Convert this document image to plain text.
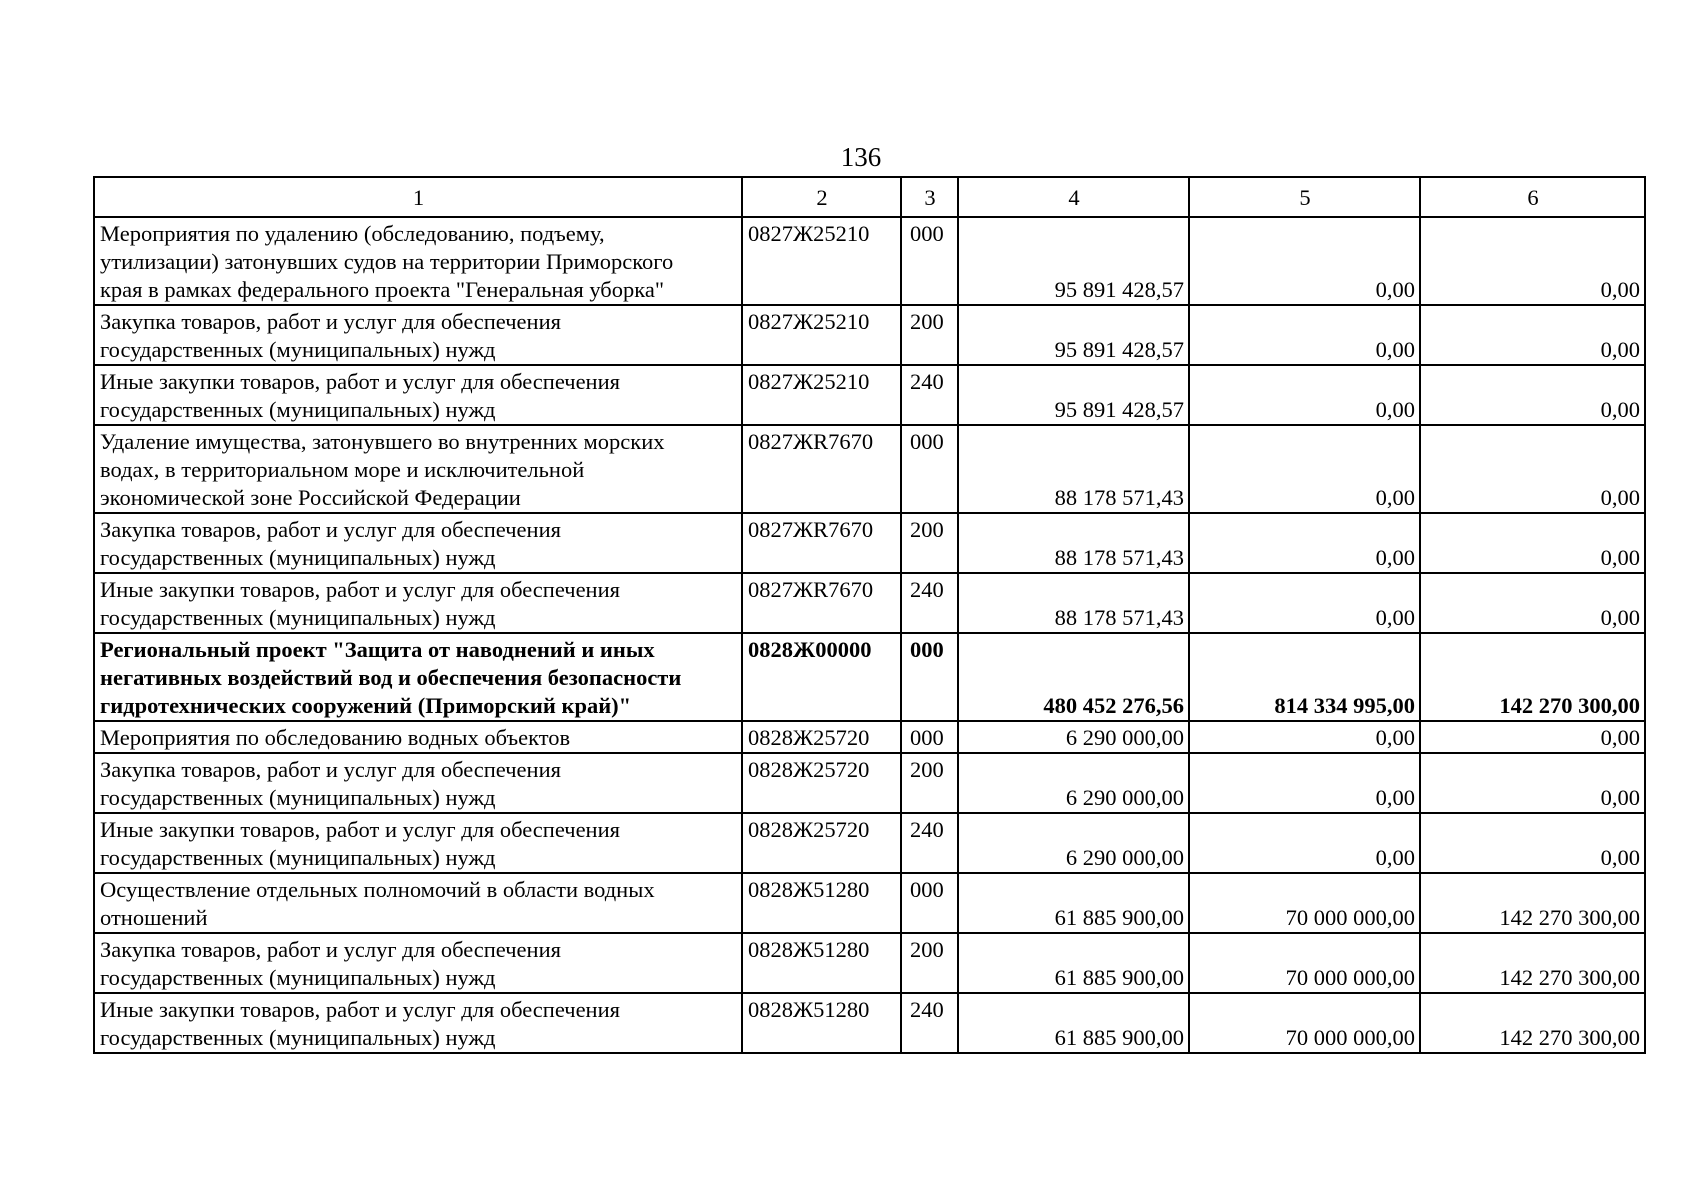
136
1	2	3	4	5	6

Мероприятия по удалению (обследованию, подъему,
утилизации) затонувших судов на территории Приморского
края в рамках федерального проекта "Генеральная уборка"	0827Ж25210	000	95 891 428,57	0,00	0,00

Закупка товаров, работ и услуг для обеспечения
государственных (муниципальных) нужд	0827Ж25210	200	95 891 428,57	0,00	0,00

Иные закупки товаров, работ и услуг для обеспечения
государственных (муниципальных) нужд	0827Ж25210	240	95 891 428,57	0,00	0,00

Удаление имущества, затонувшего во внутренних морских
водах, в территориальном море и исключительной
экономической зоне Российской Федерации	0827ЖR7670	000	88 178 571,43	0,00	0,00

Закупка товаров, работ и услуг для обеспечения
государственных (муниципальных) нужд	0827ЖR7670	200	88 178 571,43	0,00	0,00

Иные закупки товаров, работ и услуг для обеспечения
государственных (муниципальных) нужд	0827ЖR7670	240	88 178 571,43	0,00	0,00

Региональный проект "Защита от наводнений и иных
негативных воздействий вод и обеспечения безопасности
гидротехнических сооружений (Приморский край)"	0828Ж00000	000	480 452 276,56	814 334 995,00	142 270 300,00

Мероприятия по обследованию водных объектов	0828Ж25720	000	6 290 000,00	0,00	0,00

Закупка товаров, работ и услуг для обеспечения
государственных (муниципальных) нужд	0828Ж25720	200	6 290 000,00	0,00	0,00

Иные закупки товаров, работ и услуг для обеспечения
государственных (муниципальных) нужд	0828Ж25720	240	6 290 000,00	0,00	0,00

Осуществление отдельных полномочий в области водных
отношений	0828Ж51280	000	61 885 900,00	70 000 000,00	142 270 300,00

Закупка товаров, работ и услуг для обеспечения
государственных (муниципальных) нужд	0828Ж51280	200	61 885 900,00	70 000 000,00	142 270 300,00

Иные закупки товаров, работ и услуг для обеспечения
государственных (муниципальных) нужд	0828Ж51280	240	61 885 900,00	70 000 000,00	142 270 300,00
